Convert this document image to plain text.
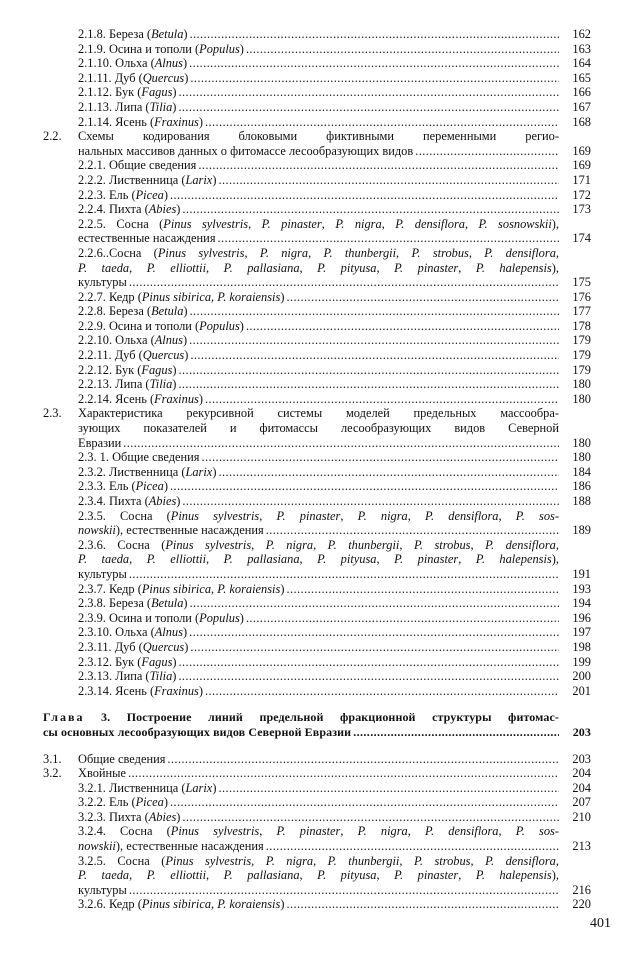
2.1.8. Береза (Betula) .....	162
2.1.9. Осина и тополи (Populus) .....	163
2.1.10. Ольха (Alnus) .....	164
2.1.11. Дуб (Quercus) .....	165
2.1.12. Бук (Fagus) .....	166
2.1.13. Липа (Tilia) .....	167
2.1.14. Ясень (Fraxinus) .....	168
2.2.	Схемы кодирования блоковыми фиктивными переменными регио-
нальных массивов данных о фитомассе лесообразующих видов .....	169
2.2.1. Общие сведения .....	169
2.2.2. Лиственница (Larix) .....	171
2.2.3. Ель (Picea) .....	172
2.2.4. Пихта (Abies) .....	173
2.2.5. Сосна (Pinus sylvestris, P. pinaster, P. nigra, P. densiflora, P. sosnowskii),
естественные насаждения .....	174
2.2.6..Сосна (Pinus sylvestris, P. nigra, P. thunbergii, P. strobus, P. densiflora,
P. taeda, P. elliottii, P. pallasiana, P. pityusa, P. pinaster, P. halepensis),
культуры .....	175
2.2.7. Кедр (Pinus sibirica, P. koraiensis) .....	176
2.2.8. Береза (Betula) .....	177
2.2.9. Осина и тополи (Populus) .....	178
2.2.10. Ольха (Alnus) .....	179
2.2.11. Дуб (Quercus) .....	179
2.2.12. Бук (Fagus) .....	179
2.2.13. Липа (Tilia) .....	180
2.2.14. Ясень (Fraxinus) .....	180
2.3.	Характеристика рекурсивной системы моделей предельных массообра-
зующих показателей и фитомассы лесообразующих видов Северной
Евразии .....	180
2.3. 1. Общие сведения .....	180
2.3.2. Лиственница (Larix) .....	184
2.3.3. Ель (Picea) .....	186
2.3.4. Пихта (Abies) .....	188
2.3.5. Сосна (Pinus sylvestris, P. pinaster, P. nigra, P. densiflora, P. sos-
nowskii), естественные насаждения .....	189
2.3.6. Сосна (Pinus sylvestris, P. nigra, P. thunbergii, P. strobus, P. densiflora,
P. taeda, P. elliottii, P. pallasiana, P. pityusa, P. pinaster, P. halepensis),
культуры .....	191
2.3.7. Кедр (Pinus sibirica, P. koraiensis) .....	193
2.3.8. Береза (Betula) .....	194
2.3.9. Осина и тополи (Populus) .....	196
2.3.10. Ольха (Alnus) .....	197
2.3.11. Дуб (Quercus) .....	198
2.3.12. Бук (Fagus) .....	199
2.3.13. Липа (Tilia) .....	200
2.3.14. Ясень (Fraxinus) .....	201
Глава 3. Построение линий предельной фракционной структуры фитомас-
сы основных лесообразующих видов Северной Евразии .....	203
3.1.	Общие сведения .....	203
3.2.	Хвойные .....	204
3.2.1. Лиственница (Larix) .....	204
3.2.2. Ель (Picea) .....	207
3.2.3. Пихта (Abies) .....	210
3.2.4. Сосна (Pinus sylvestris, P. pinaster, P. nigra, P. densiflora, P. sos-
nowskii), естественные насаждения .....	213
3.2.5. Сосна (Pinus sylvestris, P. nigra, P. thunbergii, P. strobus, P. densiflora,
P. taeda, P. elliottii, P. pallasiana, P. pityusa, P. pinaster, P. halepensis),
культуры .....	216
3.2.6. Кедр (Pinus sibirica, P. koraiensis) .....	220
401
